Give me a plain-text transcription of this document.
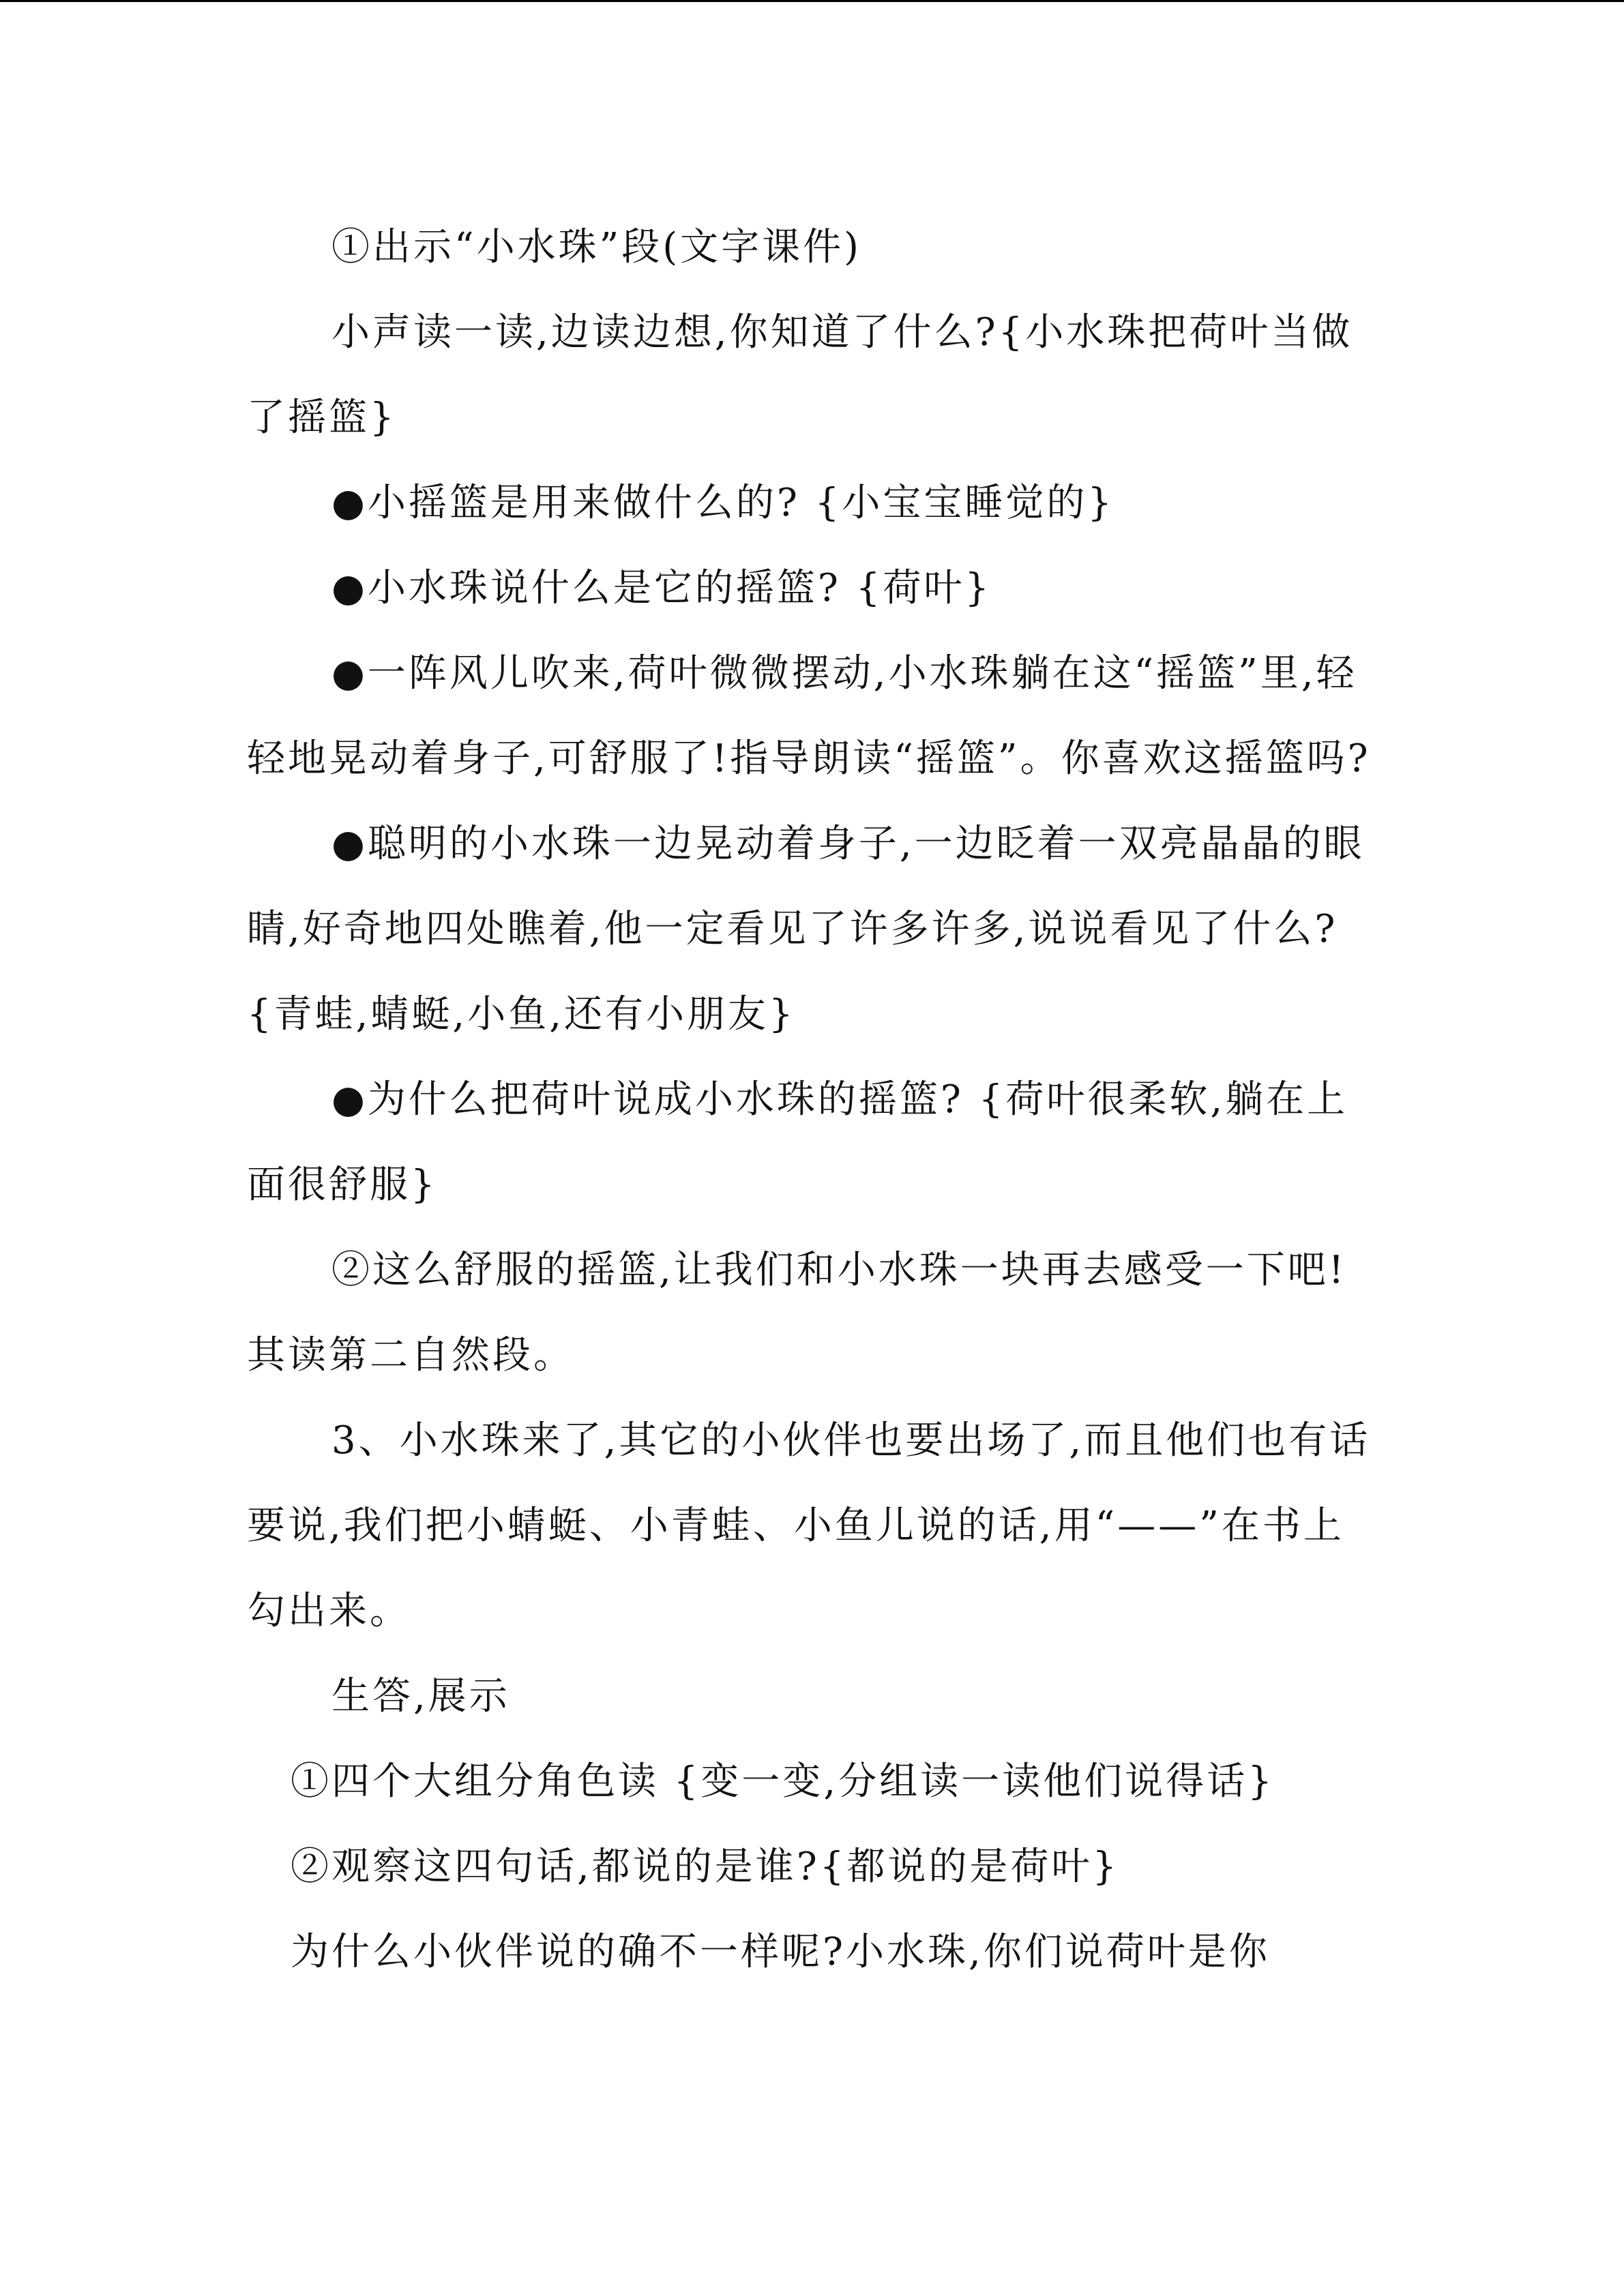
①出示“小水珠”段(文字课件)

小声读一读,边读边想,你知道了什么?{小水珠把荷叶当做了摇篮}

●小摇篮是用来做什么的? {小宝宝睡觉的}

●小水珠说什么是它的摇篮? {荷叶}

●一阵风儿吹来,荷叶微微摆动,小水珠躺在这“摇篮”里,轻轻地晃动着身子,可舒服了!指导朗读“摇篮”。你喜欢这摇篮吗?

●聪明的小水珠一边晃动着身子,一边眨着一双亮晶晶的眼睛,好奇地四处瞧着,他一定看见了许多许多,说说看见了什么?{青蛙,蜻蜓,小鱼,还有小朋友}

●为什么把荷叶说成小水珠的摇篮? {荷叶很柔软,躺在上面很舒服}

②这么舒服的摇篮,让我们和小水珠一块再去感受一下吧!其读第二自然段。

3、小水珠来了,其它的小伙伴也要出场了,而且他们也有话要说,我们把小蜻蜓、小青蛙、小鱼儿说的话,用“——”在书上勾出来。

生答,展示

①四个大组分角色读 {变一变,分组读一读他们说得话}

②观察这四句话,都说的是谁?{都说的是荷叶}

为什么小伙伴说的确不一样呢?小水珠,你们说荷叶是你
